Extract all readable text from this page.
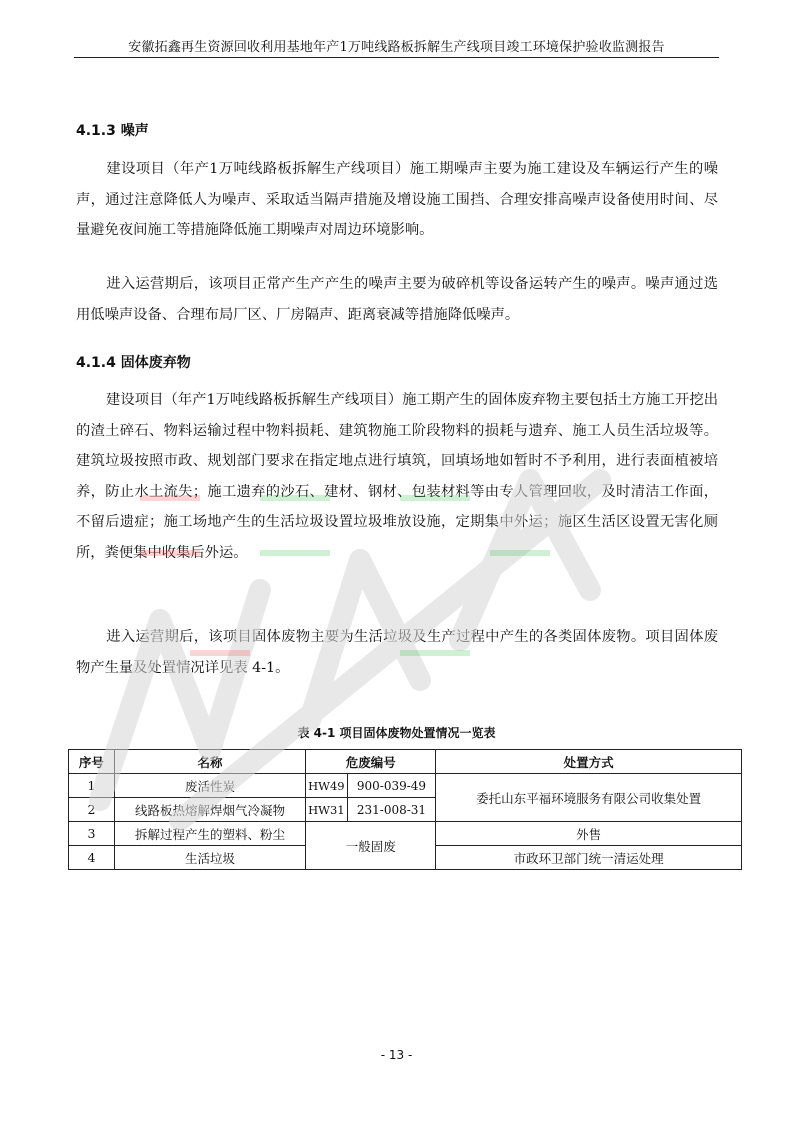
安徽拓鑫再生资源回收利用基地年产1万吨线路板拆解生产线项目竣工环境保护验收监测报告
4.1.3 噪声

建设项目（年产1万吨线路板拆解生产线项目）施工期噪声主要为施工建设及车辆运行产生的噪声，通过注意降低人为噪声、采取适当隔声措施及增设施工围挡、合理安排高噪声设备使用时间、尽量避免夜间施工等措施降低施工期噪声对周边环境影响。

进入运营期后，该项目正常产生产产生的噪声主要为破碎机等设备运转产生的噪声。噪声通过选用低噪声设备、合理布局厂区、厂房隔声、距离衰减等措施降低噪声。

4.1.4 固体废弃物

建设项目（年产1万吨线路板拆解生产线项目）施工期产生的固体废弃物主要包括土方施工开挖出的渣土碎石、物料运输过程中物料损耗、建筑物施工阶段物料的损耗与遗弃、施工人员生活垃圾等。建筑垃圾按照市政、规划部门要求在指定地点进行填筑，回填场地如暂时不予利用，进行表面植被培养，防止水土流失；施工遗弃的沙石、建材、钢材、包装材料等由专人管理回收，及时清洁工作面，不留后遗症；施工场地产生的生活垃圾设置垃圾堆放设施，定期集中外运；施区生活区设置无害化厕所，粪便集中收集后外运。

进入运营期后，该项目固体废物主要为生活垃圾及生产过程中产生的各类固体废物。项目固体废物产生量及处置情况详见表 4-1。

表 4-1 项目固体废物处置情况一览表
序号	名称	危废编号		处置方式
1	废活性炭	HW49	900-039-49	委托山东平福环境服务有限公司收集处置
2	线路板热熔解焊烟气冷凝物	HW31	231-008-31	
3	拆解过程产生的塑料、粉尘	一般固废		外售
4	生活垃圾			市政环卫部门统一清运处理
- 13 -
